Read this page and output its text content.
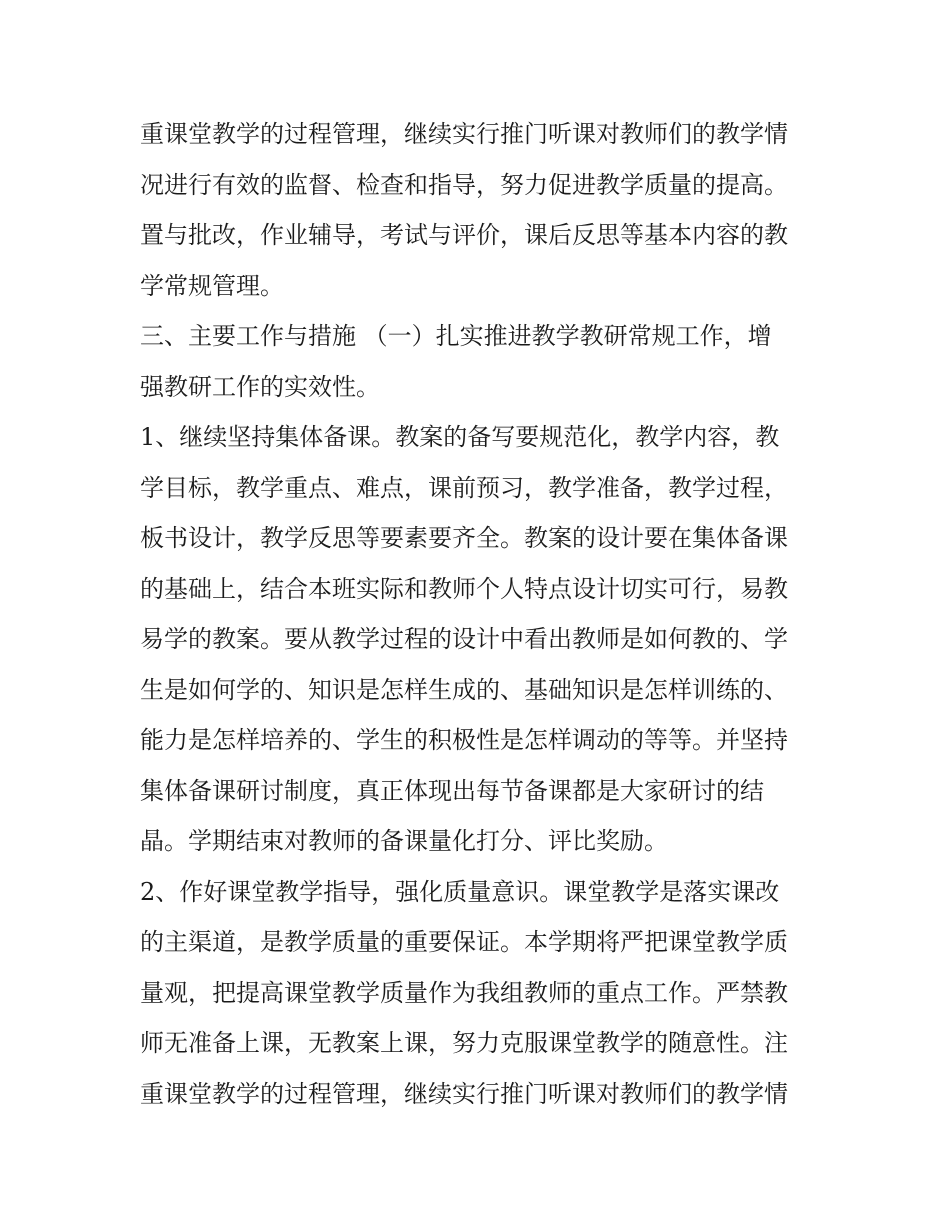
重课堂教学的过程管理，继续实行推门听课对教师们的教学情
况进行有效的监督、检查和指导，努力促进教学质量的提高。
置与批改，作业辅导，考试与评价，课后反思等基本内容的教
学常规管理。
三、主要工作与措施 （一）扎实推进教学教研常规工作，增
强教研工作的实效性。
1、继续坚持集体备课。教案的备写要规范化，教学内容，教
学目标，教学重点、难点，课前预习，教学准备，教学过程，
板书设计，教学反思等要素要齐全。教案的设计要在集体备课
的基础上，结合本班实际和教师个人特点设计切实可行，易教
易学的教案。要从教学过程的设计中看出教师是如何教的、学
生是如何学的、知识是怎样生成的、基础知识是怎样训练的、
能力是怎样培养的、学生的积极性是怎样调动的等等。并坚持
集体备课研讨制度，真正体现出每节备课都是大家研讨的结
晶。学期结束对教师的备课量化打分、评比奖励。
2、作好课堂教学指导，强化质量意识。课堂教学是落实课改
的主渠道，是教学质量的重要保证。本学期将严把课堂教学质
量观，把提高课堂教学质量作为我组教师的重点工作。严禁教
师无准备上课，无教案上课，努力克服课堂教学的随意性。注
重课堂教学的过程管理，继续实行推门听课对教师们的教学情
